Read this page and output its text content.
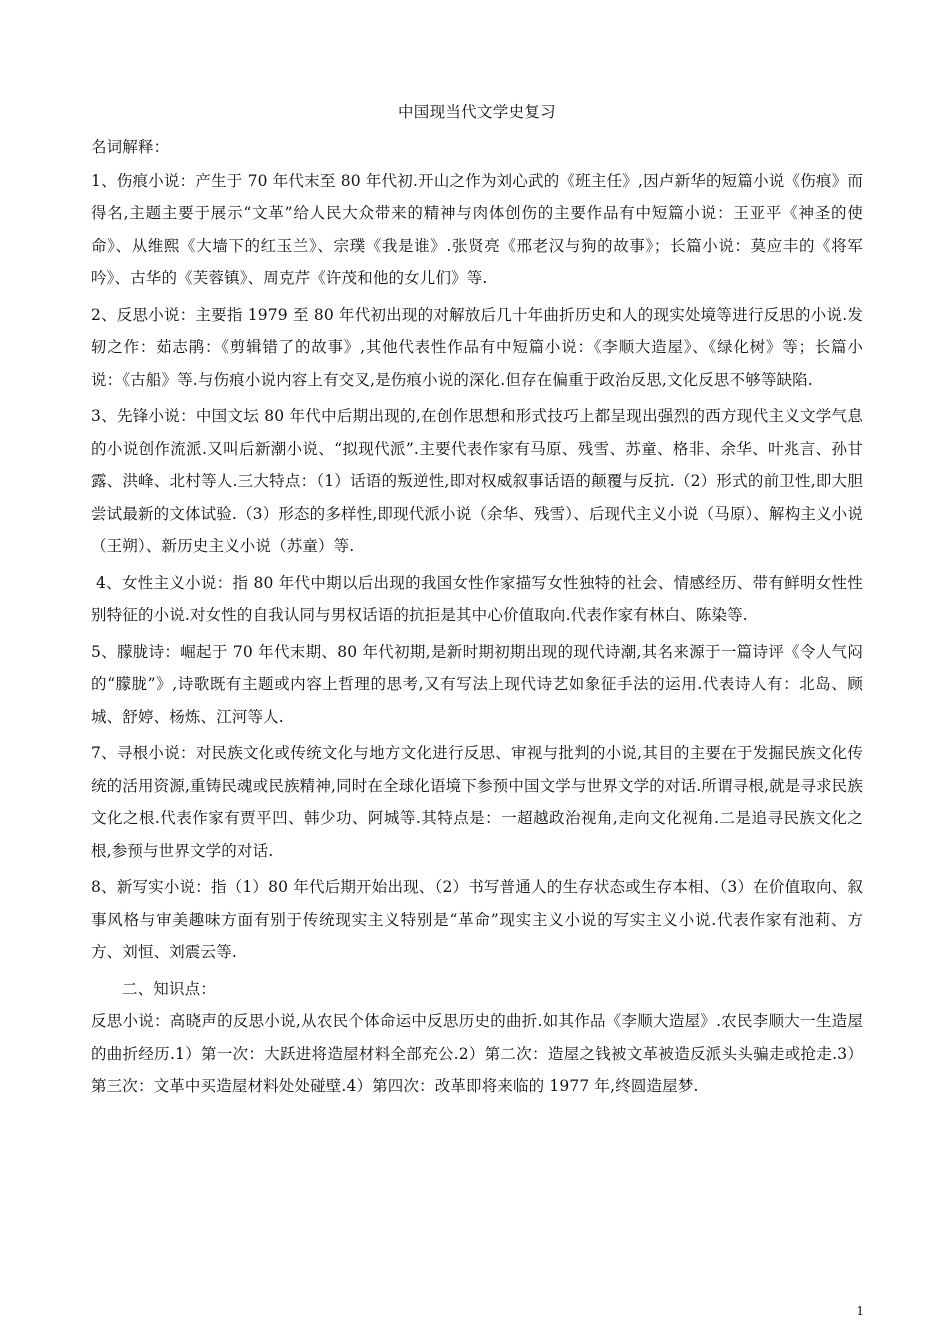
中国现当代文学史复习

名词解释：

1、伤痕小说：产生于 70 年代末至 80 年代初.开山之作为刘心武的《班主任》,因卢新华的短篇小说《伤痕》而得名,主题主要于展示“文革”给人民大众带来的精神与肉体创伤的主要作品有中短篇小说：王亚平《神圣的使命》、从维熙《大墙下的红玉兰》、宗璞《我是谁》.张贤亮《邢老汉与狗的故事》；长篇小说：莫应丰的《将军吟》、古华的《芙蓉镇》、周克芹《许茂和他的女儿们》等.

2、反思小说：主要指 1979 至 80 年代初出现的对解放后几十年曲折历史和人的现实处境等进行反思的小说.发轫之作：茹志鹃：《剪辑错了的故事》,其他代表性作品有中短篇小说：《李顺大造屋》、《绿化树》等；长篇小说：《古船》等.与伤痕小说内容上有交叉,是伤痕小说的深化.但存在偏重于政治反思,文化反思不够等缺陷.

3、先锋小说：中国文坛 80 年代中后期出现的,在创作思想和形式技巧上都呈现出强烈的西方现代主义文学气息的小说创作流派.又叫后新潮小说、“拟现代派”.主要代表作家有马原、残雪、苏童、格非、余华、叶兆言、孙甘露、洪峰、北村等人.三大特点：（1）话语的叛逆性,即对权威叙事话语的颠覆与反抗.（2）形式的前卫性,即大胆尝试最新的文体试验.（3）形态的多样性,即现代派小说（余华、残雪）、后现代主义小说（马原）、解构主义小说（王朔）、新历史主义小说（苏童）等.

4、女性主义小说：指 80 年代中期以后出现的我国女性作家描写女性独特的社会、情感经历、带有鲜明女性性别特征的小说.对女性的自我认同与男权话语的抗拒是其中心价值取向.代表作家有林白、陈染等.

5、朦胧诗：崛起于 70 年代末期、80 年代初期,是新时期初期出现的现代诗潮,其名来源于一篇诗评《令人气闷的“朦胧”》,诗歌既有主题或内容上哲理的思考,又有写法上现代诗艺如象征手法的运用.代表诗人有：北岛、顾城、舒婷、杨炼、江河等人.

7、寻根小说：对民族文化或传统文化与地方文化进行反思、审视与批判的小说,其目的主要在于发掘民族文化传统的活用资源,重铸民魂或民族精神,同时在全球化语境下参预中国文学与世界文学的对话.所谓寻根,就是寻求民族文化之根.代表作家有贾平凹、韩少功、阿城等.其特点是：一超越政治视角,走向文化视角.二是追寻民族文化之根,参预与世界文学的对话.

8、新写实小说：指（1）80 年代后期开始出现、（2）书写普通人的生存状态或生存本相、（3）在价值取向、叙事风格与审美趣味方面有别于传统现实主义特别是“革命”现实主义小说的写实主义小说.代表作家有池莉、方方、刘恒、刘震云等.

二、知识点：

反思小说：高晓声的反思小说,从农民个体命运中反思历史的曲折.如其作品《李顺大造屋》.农民李顺大一生造屋的曲折经历.1）第一次：大跃进将造屋材料全部充公.2）第二次：造屋之钱被文革被造反派头头骗走或抢走.3）第三次：文革中买造屋材料处处碰壁.4）第四次：改革即将来临的 1977 年,终圆造屋梦.

1
